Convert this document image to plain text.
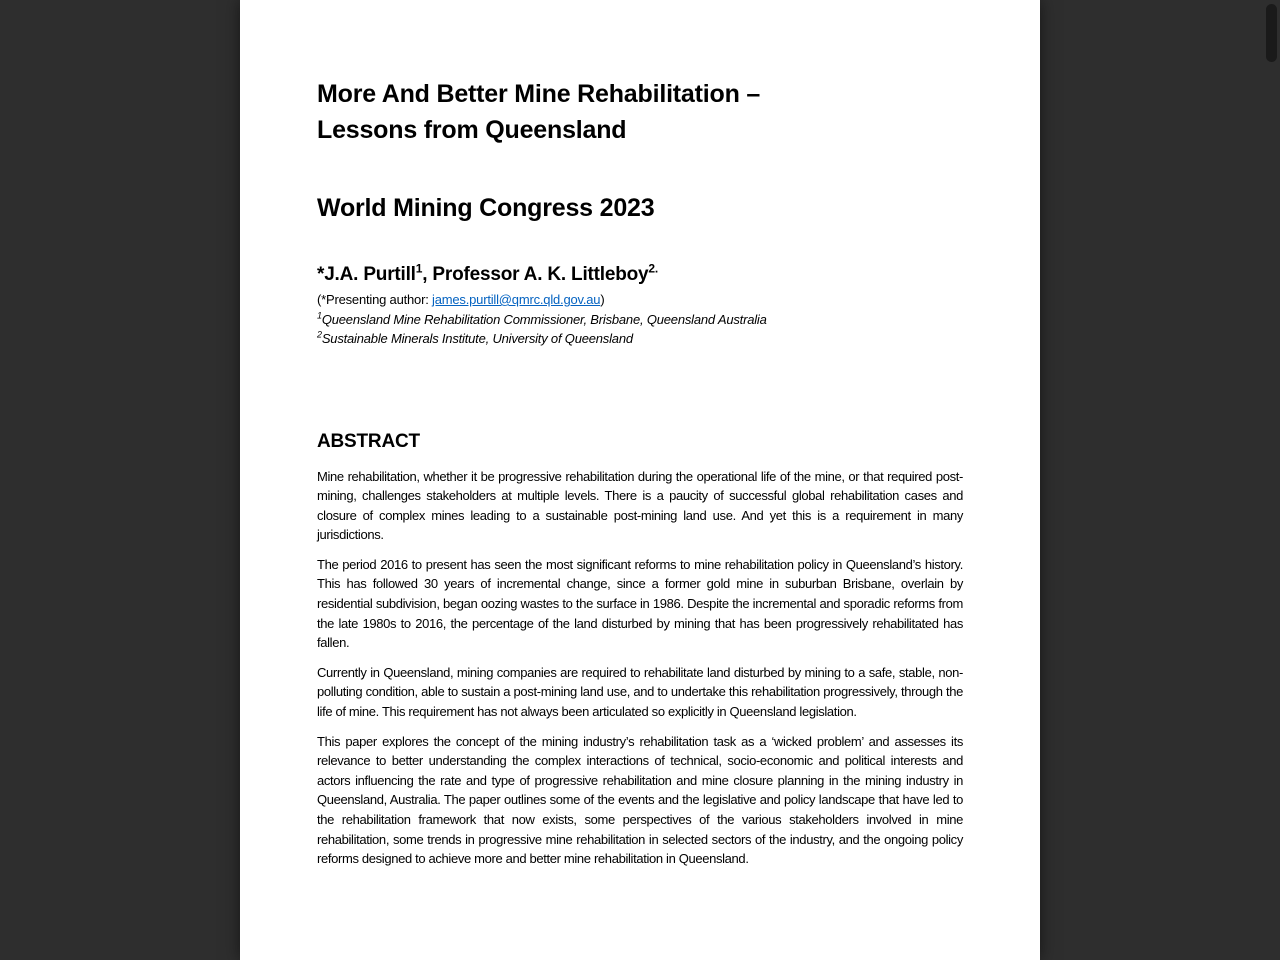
More And Better Mine Rehabilitation –
Lessons from Queensland
World Mining Congress 2023
*J.A. Purtill$^1$, Professor A. K. Littleboy$^{2.}$
(*Presenting author: james.purtill@qmrc.qld.gov.au)
$^1$Queensland Mine Rehabilitation Commissioner, Brisbane, Queensland Australia
$^2$Sustainable Minerals Institute, University of Queensland
ABSTRACT

Mine rehabilitation, whether it be progressive rehabilitation during the operational life of the mine, or that required post-mining, challenges stakeholders at multiple levels. There is a paucity of successful global rehabilitation cases and closure of complex mines leading to a sustainable post-mining land use. And yet this is a requirement in many jurisdictions.

The period 2016 to present has seen the most significant reforms to mine rehabilitation policy in Queensland’s history. This has followed 30 years of incremental change, since a former gold mine in suburban Brisbane, overlain by residential subdivision, began oozing wastes to the surface in 1986. Despite the incremental and sporadic reforms from the late 1980s to 2016, the percentage of the land disturbed by mining that has been progressively rehabilitated has fallen.

Currently in Queensland, mining companies are required to rehabilitate land disturbed by mining to a safe, stable, non-polluting condition, able to sustain a post-mining land use, and to undertake this rehabilitation progressively, through the life of mine. This requirement has not always been articulated so explicitly in Queensland legislation.

This paper explores the concept of the mining industry’s rehabilitation task as a ‘wicked problem’ and assesses its relevance to better understanding the complex interactions of technical, socio-economic and political interests and actors influencing the rate and type of progressive rehabilitation and mine closure planning in the mining industry in Queensland, Australia. The paper outlines some of the events and the legislative and policy landscape that have led to the rehabilitation framework that now exists, some perspectives of the various stakeholders involved in mine rehabilitation, some trends in progressive mine rehabilitation in selected sectors of the industry, and the ongoing policy reforms designed to achieve more and better mine rehabilitation in Queensland.
